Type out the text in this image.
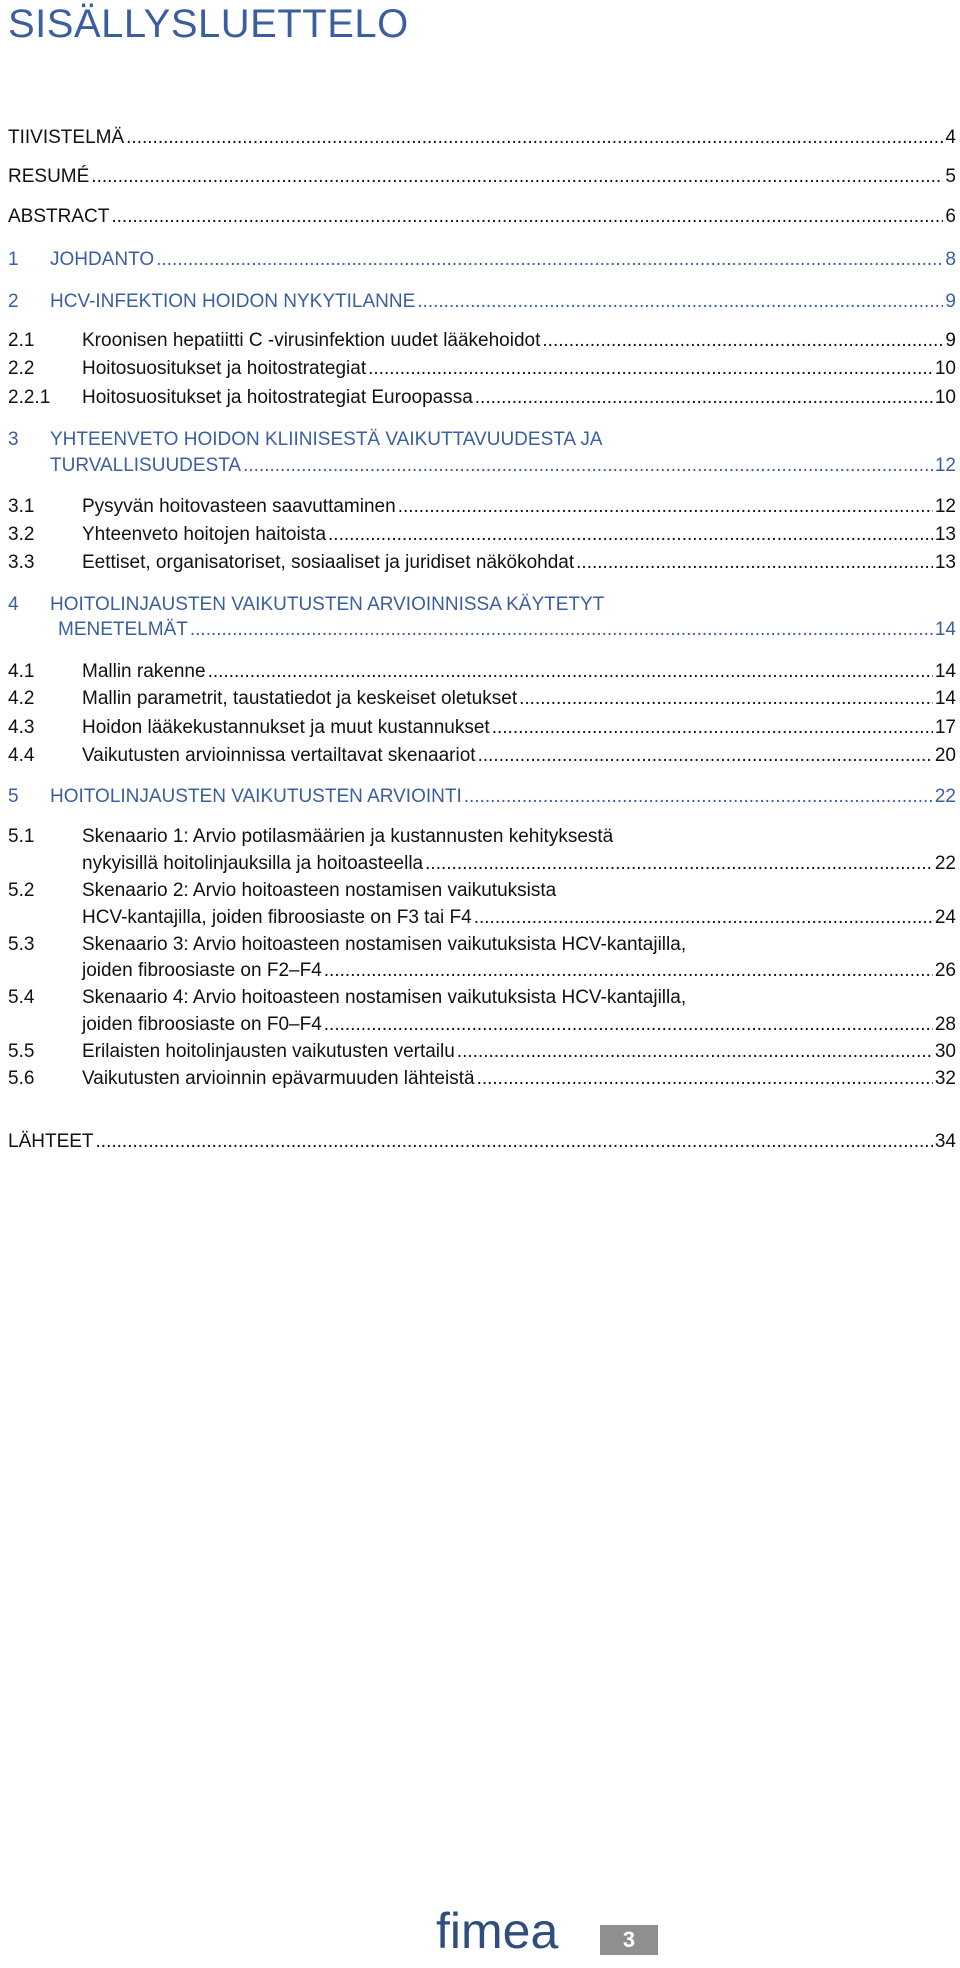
SISÄLLYSLUETTELO
TIIVISTELMÄ .....	4
RESUMÉ .....	5
ABSTRACT .....	6
1	JOHDANTO .....	8
2	HCV-INFEKTION HOIDON NYKYTILANNE .....	9
2.1	Kroonisen hepatiitti C -virusinfektion uudet lääkehoidot .....	9
2.2	Hoitosuositukset ja hoitostrategiat .....	10
2.2.1	Hoitosuositukset ja hoitostrategiat Euroopassa .....	10
3	YHTEENVETO HOIDON KLIINISESTÄ VAIKUTTAVUUDESTA JA
TURVALLISUUDESTA .....	12
3.1	Pysyvän hoitovasteen saavuttaminen .....	12
3.2	Yhteenveto hoitojen haitoista .....	13
3.3	Eettiset, organisatoriset, sosiaaliset ja juridiset näkökohdat .....	13
4	HOITOLINJAUSTEN VAIKUTUSTEN ARVIOINNISSA KÄYTETYT
MENETELMÄT .....	14
4.1	Mallin rakenne .....	14
4.2	Mallin parametrit, taustatiedot ja keskeiset oletukset .....	14
4.3	Hoidon lääkekustannukset ja muut kustannukset .....	17
4.4	Vaikutusten arvioinnissa vertailtavat skenaariot .....	20
5	HOITOLINJAUSTEN VAIKUTUSTEN ARVIOINTI .....	22
5.1	Skenaario 1: Arvio potilasmäärien ja kustannusten kehityksestä
nykyisillä hoitolinjauksilla ja hoitoasteella .....	22
5.2	Skenaario 2: Arvio hoitoasteen nostamisen vaikutuksista
HCV-kantajilla, joiden fibroosiaste on F3 tai F4 .....	24
5.3	Skenaario 3: Arvio hoitoasteen nostamisen vaikutuksista HCV-kantajilla,
joiden fibroosiaste on F2–F4 .....	26
5.4	Skenaario 4: Arvio hoitoasteen nostamisen vaikutuksista HCV-kantajilla,
joiden fibroosiaste on F0–F4 .....	28
5.5	Erilaisten hoitolinjausten vaikutusten vertailu .....	30
5.6	Vaikutusten arvioinnin epävarmuuden lähteistä .....	32
LÄHTEET .....	34
fimea	3
